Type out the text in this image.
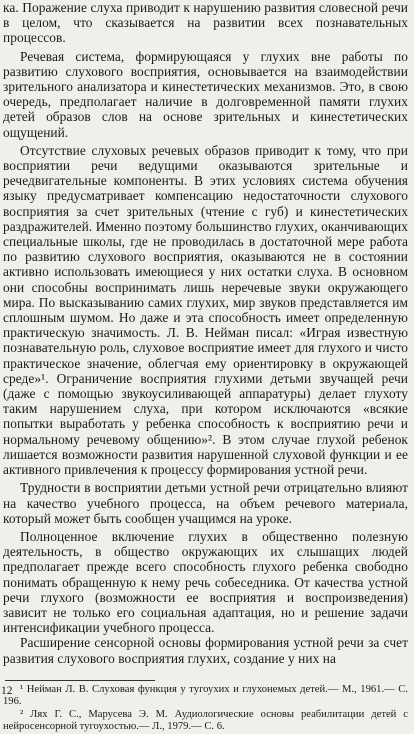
ка. Поражение слуха приводит к нарушению развития словесной речи в целом, что сказывается на развитии всех познавательных процессов.

Речевая система, формирующаяся у глухих вне работы по развитию слухового восприятия, основывается на взаимодействии зрительного анализатора и кинестетических механизмов. Это, в свою очередь, предполагает наличие в долговременной памяти глухих детей образов слов на основе зрительных и кинестетических ощущений.

Отсутствие слуховых речевых образов приводит к тому, что при восприятии речи ведущими оказываются зрительные и речедвигательные компоненты. В этих условиях система обучения языку предусматривает компенсацию недостаточности слухового восприятия за счет зрительных (чтение с губ) и кинестетических раздражителей. Именно поэтому большинство глухих, оканчивающих специальные школы, где не проводилась в достаточной мере работа по развитию слухового восприятия, оказываются не в состоянии активно использовать имеющиеся у них остатки слуха. В основном они способны воспринимать лишь неречевые звуки окружающего мира. По высказыванию самих глухих, мир звуков представляется им сплошным шумом. Но даже и эта способность имеет определенную практическую значимость. Л. В. Нейман писал: «Играя известную познавательную роль, слуховое восприятие имеет для глухого и чисто практическое значение, облегчая ему ориентировку в окружающей среде»¹. Ограничение восприятия глухими детьми звучащей речи (даже с помощью звукоусиливающей аппаратуры) делает глухоту таким нарушением слуха, при котором исключаются «всякие попытки выработать у ребенка способность к восприятию речи и нормальному речевому общению»². В этом случае глухой ребенок лишается возможности развития нарушенной слуховой функции и ее активного привлечения к процессу формирования устной речи.

Трудности в восприятии детьми устной речи отрицательно влияют на качество учебного процесса, на объем речевого материала, который может быть сообщен учащимся на уроке.

Полноценное включение глухих в общественно полезную деятельность, в общество окружающих их слышащих людей предполагает прежде всего способность глухого ребенка свободно понимать обращенную к нему речь собеседника. От качества устной речи глухого (возможности ее восприятия и воспроизведения) зависит не только его социальная адаптация, но и решение задачи интенсификации учебного процесса.

Расширение сенсорной основы формирования устной речи за счет развития слухового восприятия глухих, создание у них на

¹ Нейман Л. В. Слуховая функция у тугоухих и глухонемых детей.— М., 1961.— С. 196.

² Лях Г. С., Марусева Э. М. Аудиологические основы реабилитации детей с нейросенсорной тугоухостью.— Л., 1979.— С. 6.

12
